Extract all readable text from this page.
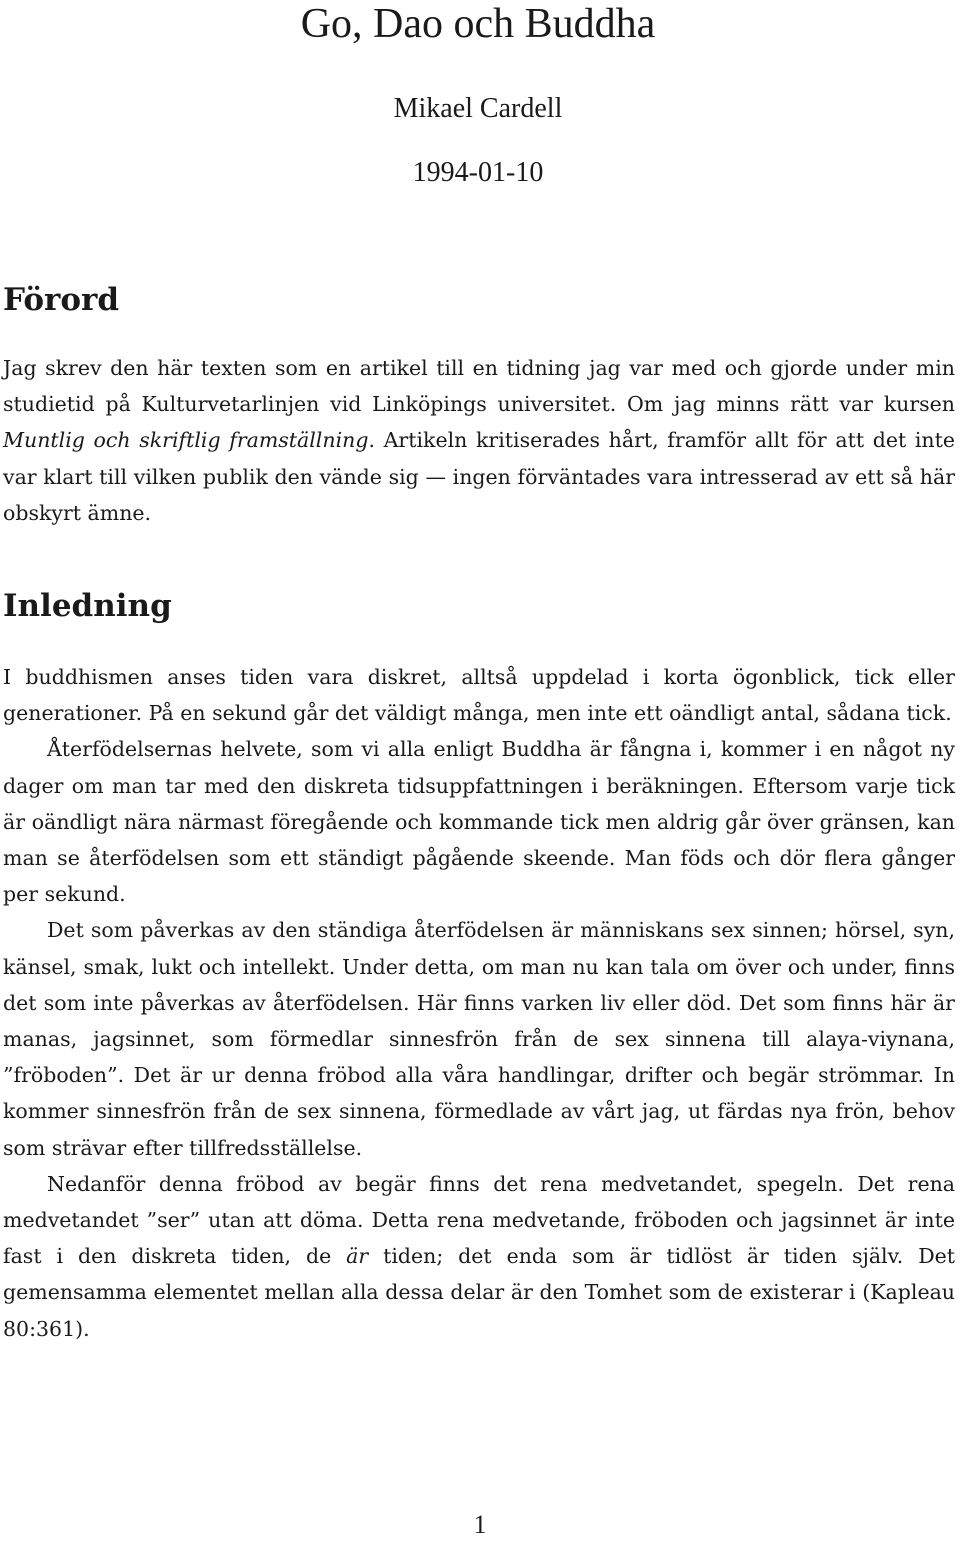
Go, Dao och Buddha
Mikael Cardell
1994-01-10
Förord

Jag skrev den här texten som en artikel till en tidning jag var med och gjorde under min studietid på Kulturvetarlinjen vid Linköpings universitet. Om jag minns rätt var kursen Muntlig och skriftlig framställning. Artikeln kritiserades hårt, framför allt för att det inte var klart till vilken publik den vände sig — ingen förväntades vara intresserad av ett så här obskyrt ämne.

Inledning

I buddhismen anses tiden vara diskret, alltså uppdelad i korta ögonblick, tick eller generationer. På en sekund går det väldigt många, men inte ett oändligt antal, sådana tick.

Återfödelsernas helvete, som vi alla enligt Buddha är fångna i, kommer i en något ny dager om man tar med den diskreta tidsuppfattningen i beräkningen. Eftersom varje tick är oändligt nära närmast föregående och kommande tick men aldrig går över gränsen, kan man se återfödelsen som ett ständigt pågående skeende. Man föds och dör flera gånger per sekund.

Det som påverkas av den ständiga återfödelsen är människans sex sinnen; hörsel, syn, känsel, smak, lukt och intellekt. Under detta, om man nu kan tala om över och under, finns det som inte påverkas av återfödelsen. Här finns varken liv eller död. Det som finns här är manas, jagsinnet, som förmedlar sinnesfrön från de sex sinnena till alaya-viynana, ”fröboden”. Det är ur denna fröbod alla våra handlingar, drifter och begär strömmar. In kommer sinnesfrön från de sex sinnena, förmedlade av vårt jag, ut färdas nya frön, behov som strävar efter tillfredsställelse.

Nedanför denna fröbod av begär finns det rena medvetandet, spegeln. Det rena medvetandet ”ser” utan att döma. Detta rena medvetande, fröboden och jagsinnet är inte fast i den diskreta tiden, de är tiden; det enda som är tidlöst är tiden själv. Det gemensamma elementet mellan alla dessa delar är den Tomhet som de existerar i (Kapleau 80:361).

1
